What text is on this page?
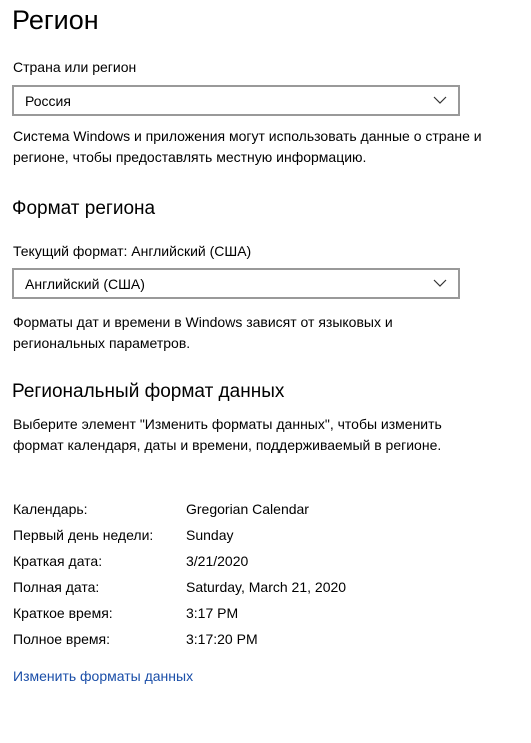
Регион
Страна или регион
Россия
Система Windows и приложения могут использовать данные о стране и регионе, чтобы предоставлять местную информацию.
Формат региона
Текущий формат: Английский (США)
Английский (США)
Форматы дат и времени в Windows зависят от языковых и региональных параметров.
Региональный формат данных
Выберите элемент "Изменить форматы данных", чтобы изменить формат календаря, даты и времени, поддерживаемый в регионе.
Календарь:	Gregorian Calendar
Первый день недели: Sunday
Краткая дата:	3/21/2020
Полная дата:	Saturday, March 21, 2020
Краткое время:	3:17 PM
Полное время:	3:17:20 PM
Изменить форматы данных
